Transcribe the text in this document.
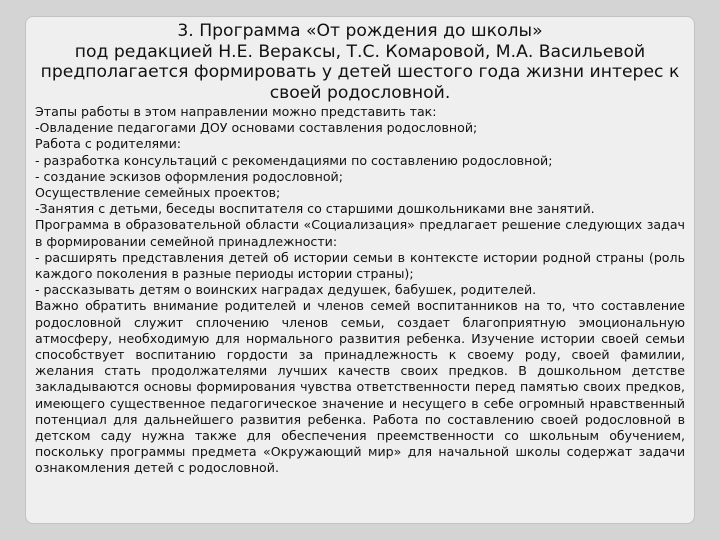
3. Программа «От рождения до школы»
под редакцией Н.Е. Вераксы, Т.С. Комаровой, М.А. Васильевой
предполагается формировать у детей шестого года жизни интерес к
своей родословной.

Этапы работы в этом направлении можно представить так:

-Овладение педагогами ДОУ основами составления родословной;

Работа с родителями:

- разработка консультаций с рекомендациями по составлению родословной;

- создание эскизов оформления родословной;

Осуществление семейных проектов;

-Занятия с детьми, беседы воспитателя со старшими дошкольниками вне занятий.

Программа в образовательной области «Социализация» предлагает решение следующих задач в формировании семейной принадлежности:

- расширять представления детей об истории семьи в контексте истории родной страны (роль каждого поколения в разные периоды истории страны);

- рассказывать детям о воинских наградах дедушек, бабушек, родителей.

Важно обратить внимание родителей и членов семей воспитанников на то, что составление родословной служит сплочению членов семьи, создает благоприятную эмоциональную атмосферу, необходимую для нормального развития ребенка. Изучение истории своей семьи способствует воспитанию гордости за принадлежность к своему роду, своей фамилии, желания стать продолжателями лучших качеств своих предков. В дошкольном детстве закладываются основы формирования чувства ответственности перед памятью своих предков, имеющего существенное педагогическое значение и несущего в себе огромный нравственный потенциал для дальнейшего развития ребенка. Работа по составлению своей родословной в детском саду нужна также для обеспечения преемственности со школьным обучением, поскольку программы предмета «Окружающий мир» для начальной школы содержат задачи ознакомления детей с родословной.
